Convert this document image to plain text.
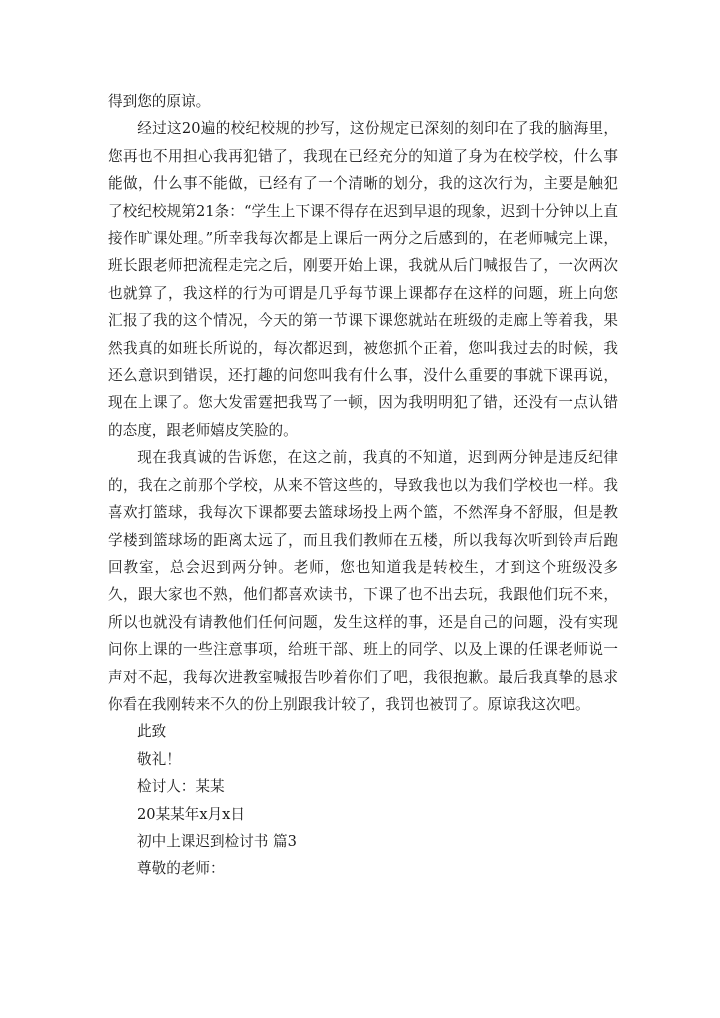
得到您的原谅。

经过这20遍的校纪校规的抄写，这份规定已深刻的刻印在了我的脑海里，您再也不用担心我再犯错了，我现在已经充分的知道了身为在校学校，什么事能做，什么事不能做，已经有了一个清晰的划分，我的这次行为，主要是触犯了校纪校规第21条：“学生上下课不得存在迟到早退的现象，迟到十分钟以上直接作旷课处理。”所幸我每次都是上课后一两分之后感到的，在老师喊完上课，班长跟老师把流程走完之后，刚要开始上课，我就从后门喊报告了，一次两次也就算了，我这样的行为可谓是几乎每节课上课都存在这样的问题，班上向您汇报了我的这个情况，今天的第一节课下课您就站在班级的走廊上等着我，果然我真的如班长所说的，每次都迟到，被您抓个正着，您叫我过去的时候，我还么意识到错误，还打趣的问您叫我有什么事，没什么重要的事就下课再说，现在上课了。您大发雷霆把我骂了一顿，因为我明明犯了错，还没有一点认错的态度，跟老师嬉皮笑脸的。

现在我真诚的告诉您，在这之前，我真的不知道，迟到两分钟是违反纪律的，我在之前那个学校，从来不管这些的，导致我也以为我们学校也一样。我喜欢打篮球，我每次下课都要去篮球场投上两个篮，不然浑身不舒服，但是教学楼到篮球场的距离太远了，而且我们教师在五楼，所以我每次听到铃声后跑回教室，总会迟到两分钟。老师，您也知道我是转校生，才到这个班级没多久，跟大家也不熟，他们都喜欢读书，下课了也不出去玩，我跟他们玩不来，所以也就没有请教他们任何问题，发生这样的事，还是自己的问题，没有实现问你上课的一些注意事项，给班干部、班上的同学、以及上课的任课老师说一声对不起，我每次进教室喊报告吵着你们了吧，我很抱歉。最后我真挚的恳求你看在我刚转来不久的份上别跟我计较了，我罚也被罚了。原谅我这次吧。

此致

敬礼！

检讨人：某某

20某某年x月x日

初中上课迟到检讨书 篇3

尊敬的老师：
